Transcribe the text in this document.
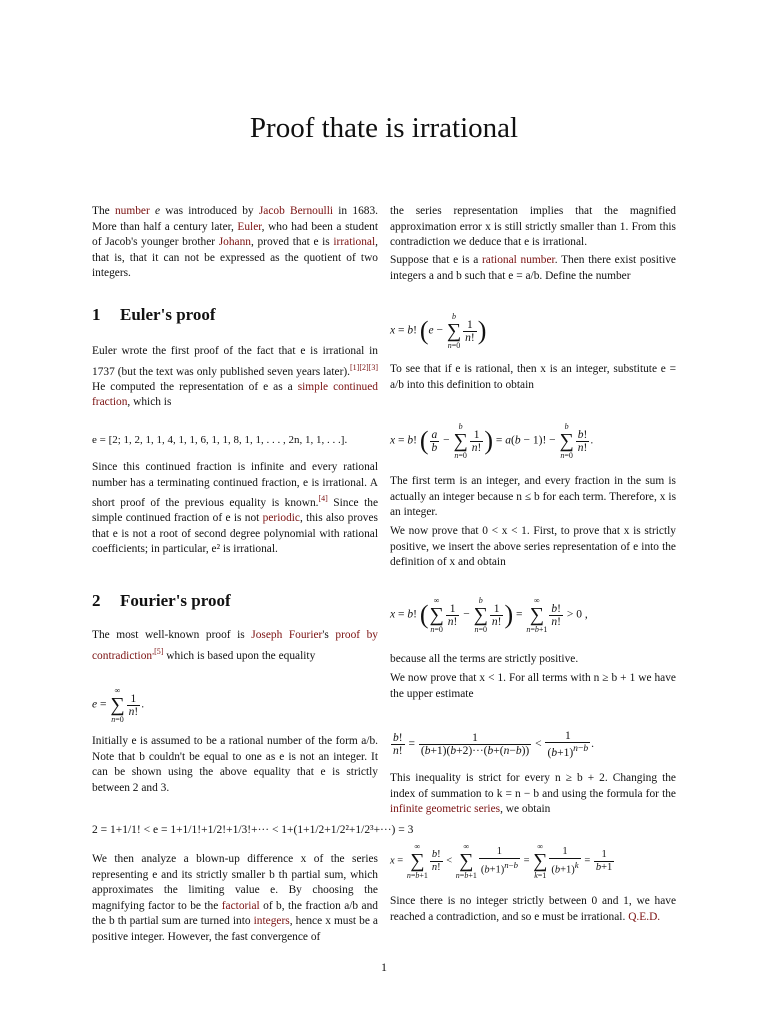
Proof thate is irrational
The number e was introduced by Jacob Bernoulli in 1683. More than half a century later, Euler, who had been a student of Jacob's younger brother Johann, proved that e is irrational, that is, that it can not be expressed as the quotient of two integers.
1 Euler's proof
Euler wrote the first proof of the fact that e is irrational in 1737 (but the text was only published seven years later).[1][2][3] He computed the representation of e as a simple continued fraction, which is
e = [2; 1, 2, 1, 1, 4, 1, 1, 6, 1, 1, 8, 1, 1, . . . , 2n, 1, 1, . . .].
Since this continued fraction is infinite and every rational number has a terminating continued fraction, e is irrational. A short proof of the previous equality is known.[4] Since the simple continued fraction of e is not periodic, this also proves that e is not a root of second degree polynomial with rational coefficients; in particular, e² is irrational.
2 Fourier's proof
The most well-known proof is Joseph Fourier's proof by contradiction$^{,[5]}$ which is based upon the equality
e = ∞
∑
n=0
$\frac{1}{n!}$ .
Initially e is assumed to be a rational number of the form a/b. Note that b couldn't be equal to one as e is not an integer. It can be shown using the above equality that e is strictly between 2 and 3.
2 = 1+1/1! < e = 1+1/1!+1/2!+1/3!+··· < 1+(1+1/2+1/2²+1/2³+···) = 3
We then analyze a blown-up difference x of the series representing e and its strictly smaller b th partial sum, which approximates the limiting value e. By choosing the magnifying factor to be the factorial of b, the fraction a/b and the b th partial sum are turned into integers, hence x must be a positive integer. However, the fast convergence of
the series representation implies that the magnified approximation error x is still strictly smaller than 1. From this contradiction we deduce that e is irrational.
Suppose that e is a rational number. Then there exist positive integers a and b such that e = a/b. Define the number
x = b! (e − b
∑
n=0
$\frac{1}{n!}$ )
To see that if e is rational, then x is an integer, substitute e = a/b into this definition to obtain
x = b! ( $\frac{a}{b} - b$
∑
n=0
$\frac{1}{n!}$ ) = a(b − 1)! − b
∑
n=0
$\frac{b!}{n!}$ .
The first term is an integer, and every fraction in the sum is actually an integer because n ≤ b for each term. Therefore, x is an integer.
We now prove that 0 < x < 1. First, to prove that x is strictly positive, we insert the above series representation of e into the definition of x and obtain
x = b! ( ∞
∑
n=0
$\frac{1}{n!} - b$
∑
n=0
$\frac{1}{n!}$ ) = ∞
∑
n=b+1
$\frac{b!}{n!} > 0$ ,
because all the terms are strictly positive.
We now prove that x < 1. For all terms with n ≥ b + 1 we have the upper estimate
$\frac{b!}{n!} = \frac{1}{(b+1)(b+2)\cdot\cdot\cdot(b+(n-b))} < \frac{1}{(b+1)^{n-b}}$ .
This inequality is strict for every n ≥ b + 2. Changing the index of summation to k = n − b and using the formula for the infinite geometric series, we obtain
x = ∞
∑
n=b+1
$\frac{b!}{n!}$ < ∞
∑
$n=b+1 \frac{1}{(b+1)^{n-b}}$ = ∞
∑
$k=1 \frac{1}{(b+1)^k} = \frac{1}{b+1}$
Since there is no integer strictly between 0 and 1, we have reached a contradiction, and so e must be irrational. Q.E.D.
1
